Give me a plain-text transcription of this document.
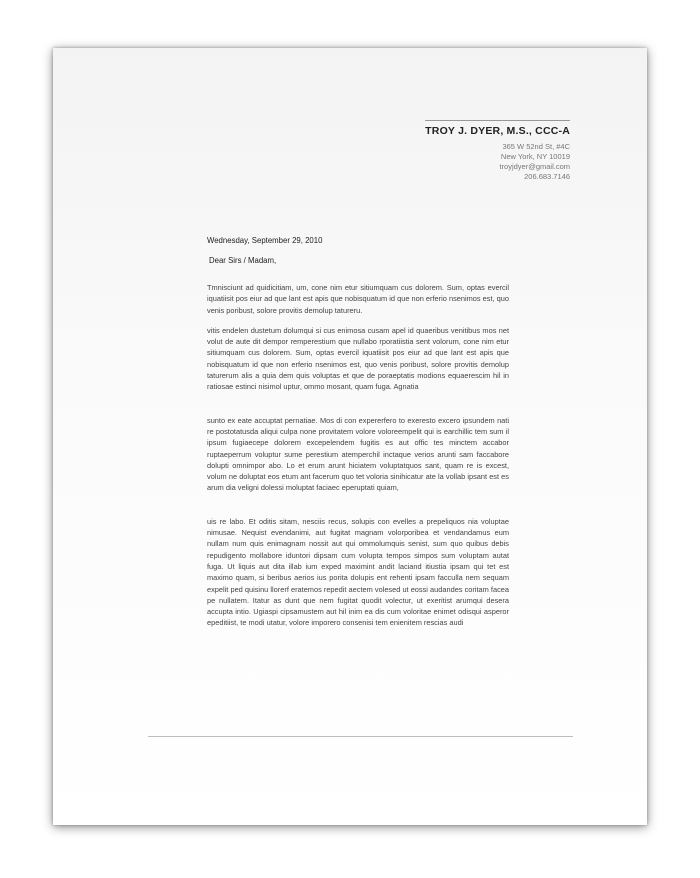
TROY J. DYER, M.S., CCC-A
365 W 52nd St, #4C
New York, NY 10019
troyjdyer@gmail.com
206.683.7146
Wednesday, September 29, 2010
Dear Sirs / Madam,

Tmnisciunt ad quidicitiam, um, cone nim etur sitiumquam cus dolorem. Sum, optas evercil iquatiisit pos eiur ad que lant est apis que nobisquatum id que non erferio nsenimos est, quo venis poribust, solore provitis demolup tatureru.

vitis endelen dustetum dolumqui si cus enimosa cusam apel id quaeribus venitibus mos net volut de aute dit dempor remperestium que nullabo rporatiistia sent volorum, cone nim etur sitiumquam cus dolorem. Sum, optas evercil iquatiisit pos eiur ad que lant est apis que nobisquatum id que non erferio nsenimos est, quo venis poribust, solore provitis demolup taturerum alis a quia dem quis voluptas et que de poraeptatis modions equaerescim hil in ratiosae estinci nisimol uptur, ommo mosant, quam fuga. Agnatia

sunto ex eate accuptat pernatiae. Mos di con expererfero to exeresto excero ipsundem nati re postotatusda aliqui culpa none provitatem volore voloreempelit qui is earchillic tem sum il ipsum fugiaecepe dolorem excepelendem fugitis es aut offic tes minctem accabor ruptaeperrum voluptur sume perestium atemperchil inctaque verios arunti sam faccabore dolupti omnimpor abo. Lo et erum arunt hiciatem voluptatquos sant, quam re is excest, volum ne doluptat eos etum ant facerum quo tet voloria sinihicatur ate la vollab ipsant est es arum dia veligni dolessi moluptat faciaec eperuptati quiam,

uis re labo. Et oditis sitam, nesciis recus, solupis con evelles a prepeliquos nia voluptae nimusae. Nequist evendanimi, aut fugitat magnam volorporibea et vendandamus eum nullam num quis enimagnam nossit aut qui ommolumquis senist, sum quo quibus debis repudigento mollabore iduntori dipsam cum volupta tempos simpos sum voluptam autat fuga. Ut liquis aut dita illab ium exped maximint andit laciand itiustia ipsam qui tet est maximo quam, si beribus aerios ius porita dolupis ent rehenti ipsam facculla nem sequam expelit ped quisinu llorerf eratemos repedit aectem volesed ut eossi audandes coritam facea pe nullatem. Itatur as dunt que nem fugitat quodit volectur, ut exeritist arumqui desera accupta intio. Ugiaspi cipsamustem aut hil inim ea dis cum voloritae enimet odisqui asperor epeditiist, te modi utatur, volore imporero consenisi tem enienitem rescias audi
